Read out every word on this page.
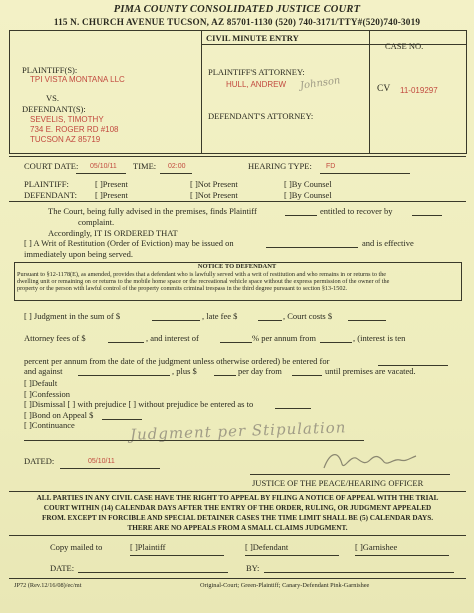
PIMA COUNTY CONSOLIDATED JUSTICE COURT
115 N. CHURCH AVENUE TUCSON, AZ 85701-1130 (520) 740-3171/TTY#(520)740-3019
PLAINTIFF(S):
TPI VISTA MONTANA LLC
VS.
DEFENDANT(S):
SEVELIS, TIMOTHY
734 E. ROGER RD #108
TUCSON AZ 85719
CIVIL MINUTE ENTRY
CASE NO.
PLAINTIFF'S ATTORNEY:
HULL, ANDREW Johnson
DEFENDANT'S ATTORNEY:
CV 11-019297
COURT DATE: 05/10/11 TIME: 02:00	HEARING TYPE: FD
PLAINTIFF:	[ ]Present	[ ]Not Present	[ ]By Counsel
DEFENDANT: [ ]Present	[ ]Not Present	[ ]By Counsel
The Court, being fully advised in the premises, finds Plaintiff	entitled to recover by
complaint.
Accordingly, IT IS ORDERED THAT
[ ] A Writ of Restitution (Order of Eviction) may be issued on	and is effective
immediately upon being served.
NOTICE TO DEFENDANT
Pursuant to §12-1178(E), as amended, provides that a defendant who is lawfully served with a writ of restitution and who remains in or returns to the
dwelling unit or remaining on or returns to the mobile home space or the recreational vehicle space without the express permission of the owner of the
property or the person with lawful control of the property commits criminal trespass in the third degree pursuant to section §13-1502.
[ ] Judgment in the sum of $	, late fee $	, Court costs $
Attorney fees of $	, and interest of	% per annum from	, (interest is ten
percent per annum from the date of the judgment unless otherwise ordered) be entered for
and against	, plus $	per day from	until premises are vacated.
[ ]Default
[ ]Confession
[ ]Dismissal [ ] with prejudice [ ] without prejudice be entered as to
[ ]Bond on Appeal $
[ ]Continuance	Judgment per Stipulation
DATED:	05/10/11
JUSTICE OF THE PEACE/HEARING OFFICER
ALL PARTIES IN ANY CIVIL CASE HAVE THE RIGHT TO APPEAL BY FILING A NOTICE OF APPEAL WITH THE TRIAL
COURT WITHIN (14) CALENDAR DAYS AFTER THE ENTRY OF THE ORDER, RULING, OR JUDGMENT APPEALED
FROM. EXCEPT IN FORCIBLE AND SPECIAL DETAINER CASES THE TIME LIMIT SHALL BE (5) CALENDAR DAYS.
THERE ARE NO APPEALS FROM A SMALL CLAIMS JUDGMENT.
Copy mailed to	[ ]Plaintiff	[ ]Defendant	[ ]Garnishee
DATE:	BY:
JP72 (Rev.12/16/08)/ec/mt	Original-Court; Green-Plaintiff; Canary-Defendant Pink-Garnishee
